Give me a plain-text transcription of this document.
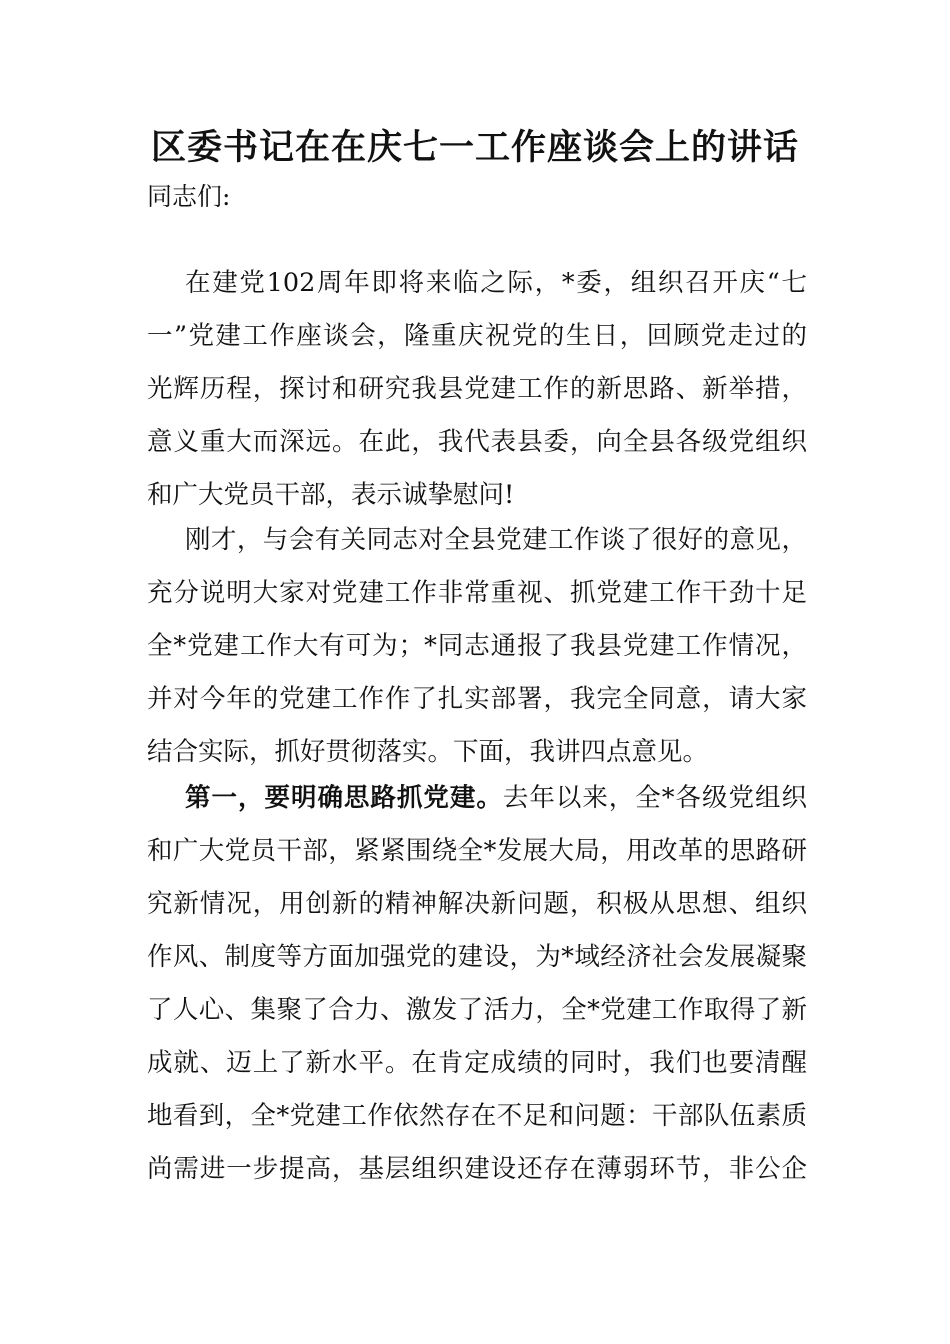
区委书记在在庆七一工作座谈会上的讲话
同志们:
在建党102周年即将来临之际，*委，组织召开庆“七
一”党建工作座谈会，隆重庆祝党的生日，回顾党走过的
光辉历程，探讨和研究我县党建工作的新思路、新举措，
意义重大而深远。在此，我代表县委，向全县各级党组织
和广大党员干部，表示诚挚慰问!
刚才，与会有关同志对全县党建工作谈了很好的意见，
充分说明大家对党建工作非常重视、抓党建工作干劲十足
全*党建工作大有可为；*同志通报了我县党建工作情况，
并对今年的党建工作作了扎实部署，我完全同意，请大家
结合实际，抓好贯彻落实。下面，我讲四点意见。
第一，要明确思路抓党建。去年以来，全*各级党组织
和广大党员干部，紧紧围绕全*发展大局，用改革的思路研
究新情况，用创新的精神解决新问题，积极从思想、组织
作风、制度等方面加强党的建设，为*域经济社会发展凝聚
了人心、集聚了合力、激发了活力，全*党建工作取得了新
成就、迈上了新水平。在肯定成绩的同时，我们也要清醒
地看到，全*党建工作依然存在不足和问题：干部队伍素质
尚需进一步提高，基层组织建设还存在薄弱环节，非公企
